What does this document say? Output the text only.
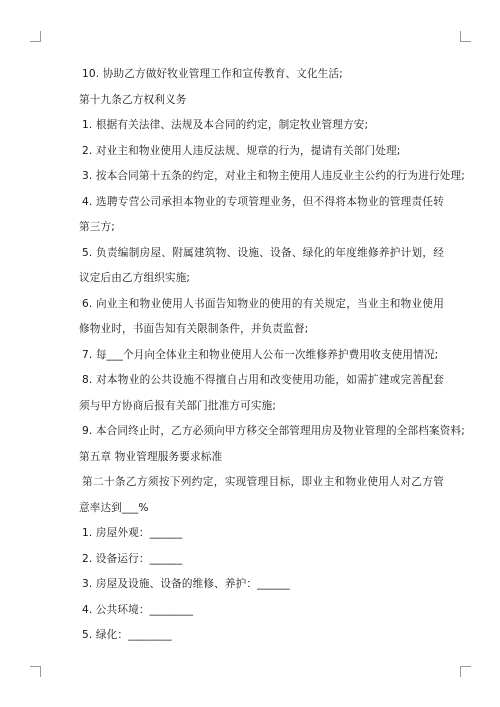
10. 协助乙方做好牧业管理工作和宣传教育、文化生活;
第十九条乙方权利义务
1. 根据有关法律、法规及本合同的约定，制定牧业管理方安;
2. 对业主和物业使用人违反法规、规章的行为，提请有关部门处理;
3. 按本合同第十五条的约定，对业主和物主使用人违反业主公约的行为进行处理;
4. 选聘专营公司承担本物业的专项管理业务，但不得将本物业的管理责任转
第三方;
5. 负责编制房屋、附属建筑物、设施、设备、绿化的年度维修养护计划，经
议定后由乙方组织实施;
6. 向业主和物业使用人书面告知物业的使用的有关规定，当业主和物业使用
修物业时，书面告知有关限制条件，并负责监督;
7. 每___个月向全体业主和物业使用人公布一次维修养护费用收支使用情况;
8. 对本物业的公共设施不得擅自占用和改变使用功能，如需扩建或完善配套
须与甲方协商后报有关部门批准方可实施;
9. 本合同终止时，乙方必须向甲方移交全部管理用房及物业管理的全部档案资料;
第五章 物业管理服务要求标准
第二十条乙方须按下列约定，实现管理目标，即业主和物业使用人对乙方管
意率达到___%
1. 房屋外观：______
2. 设备运行：______
3. 房屋及设施、设备的维修、养护：______
4. 公共环境：________
5. 绿化：________
